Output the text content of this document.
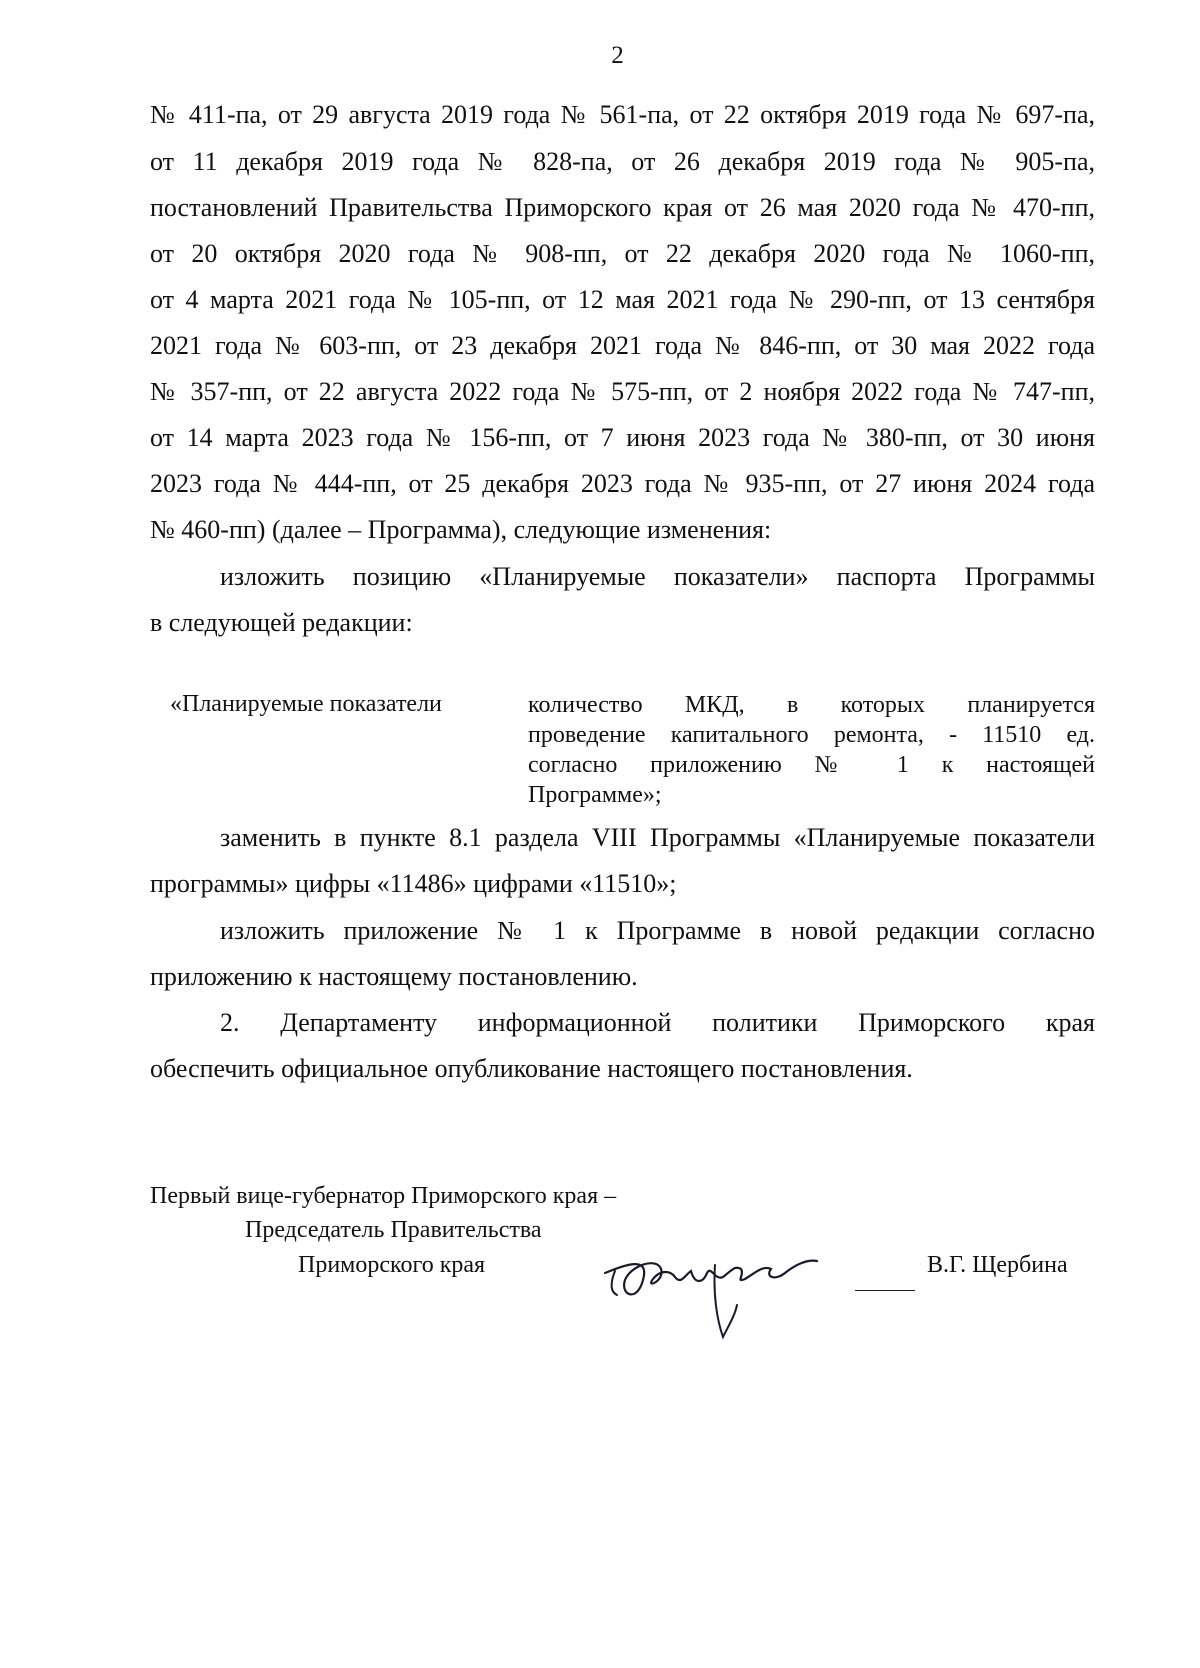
2
№ 411-па, от 29 августа 2019 года № 561-па, от 22 октября 2019 года № 697-па,
от 11 декабря 2019 года № 828-па, от 26 декабря 2019 года № 905-па,
постановлений Правительства Приморского края от 26 мая 2020 года № 470-пп,
от 20 октября 2020 года № 908-пп, от 22 декабря 2020 года № 1060-пп,
от 4 марта 2021 года № 105-пп, от 12 мая 2021 года № 290-пп, от 13 сентября
2021 года № 603-пп, от 23 декабря 2021 года № 846-пп, от 30 мая 2022 года
№ 357-пп, от 22 августа 2022 года № 575-пп, от 2 ноября 2022 года № 747-пп,
от 14 марта 2023 года № 156-пп, от 7 июня 2023 года № 380-пп, от 30 июня
2023 года № 444-пп, от 25 декабря 2023 года № 935-пп, от 27 июня 2024 года
№ 460-пп) (далее – Программа), следующие изменения:
изложить позицию «Планируемые показатели» паспорта Программы
в следующей редакции:
«Планируемые показатели	количество МКД, в которых планируется
проведение капитального ремонта, - 11510 ед.
согласно приложению № 1 к настоящей
Программе»;
заменить в пункте 8.1 раздела VIII Программы «Планируемые показатели
программы» цифры «11486» цифрами «11510»;
изложить приложение № 1 к Программе в новой редакции согласно
приложению к настоящему постановлению.
2. Департаменту информационной политики Приморского края
обеспечить официальное опубликование настоящего постановления.
Первый вице-губернатор Приморского края –
Председатель Правительства
Приморского края	В.Г. Щербина
